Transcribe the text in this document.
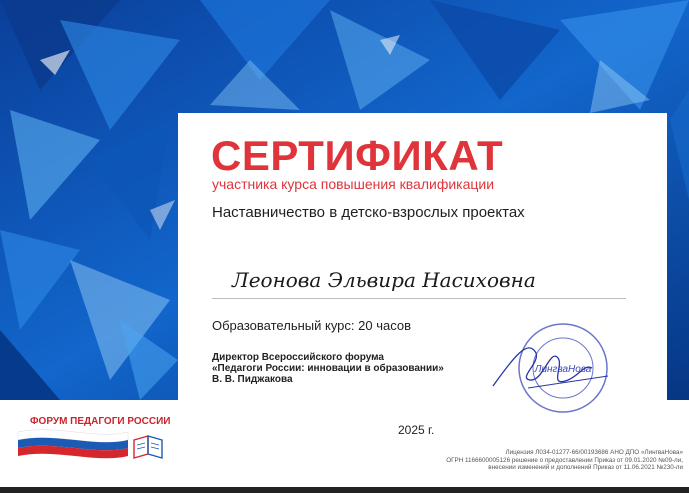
СЕРТИФИКАТ
участника курса повышения квалификации
Наставничество в детско-взрослых проектах
Леонова Эльвира Насиховна
Образовательный курс: 20 часов
Директор Всероссийского форума
«Педагоги России: инновации в образовании»
В. В. Пиджакова
ЛингваНова
ФОРУМ ПЕДАГОГИ РОССИИ
2025 г.
Лицензия Л034-01277-66/00193686 АНО ДПО «ЛингваНова»
ОГРН 1166600005126 решение о предоставлении Приказ от 09.01.2020 №09-ли,
внесении изменений и дополнений Приказ от 11.06.2021 №230-ли
